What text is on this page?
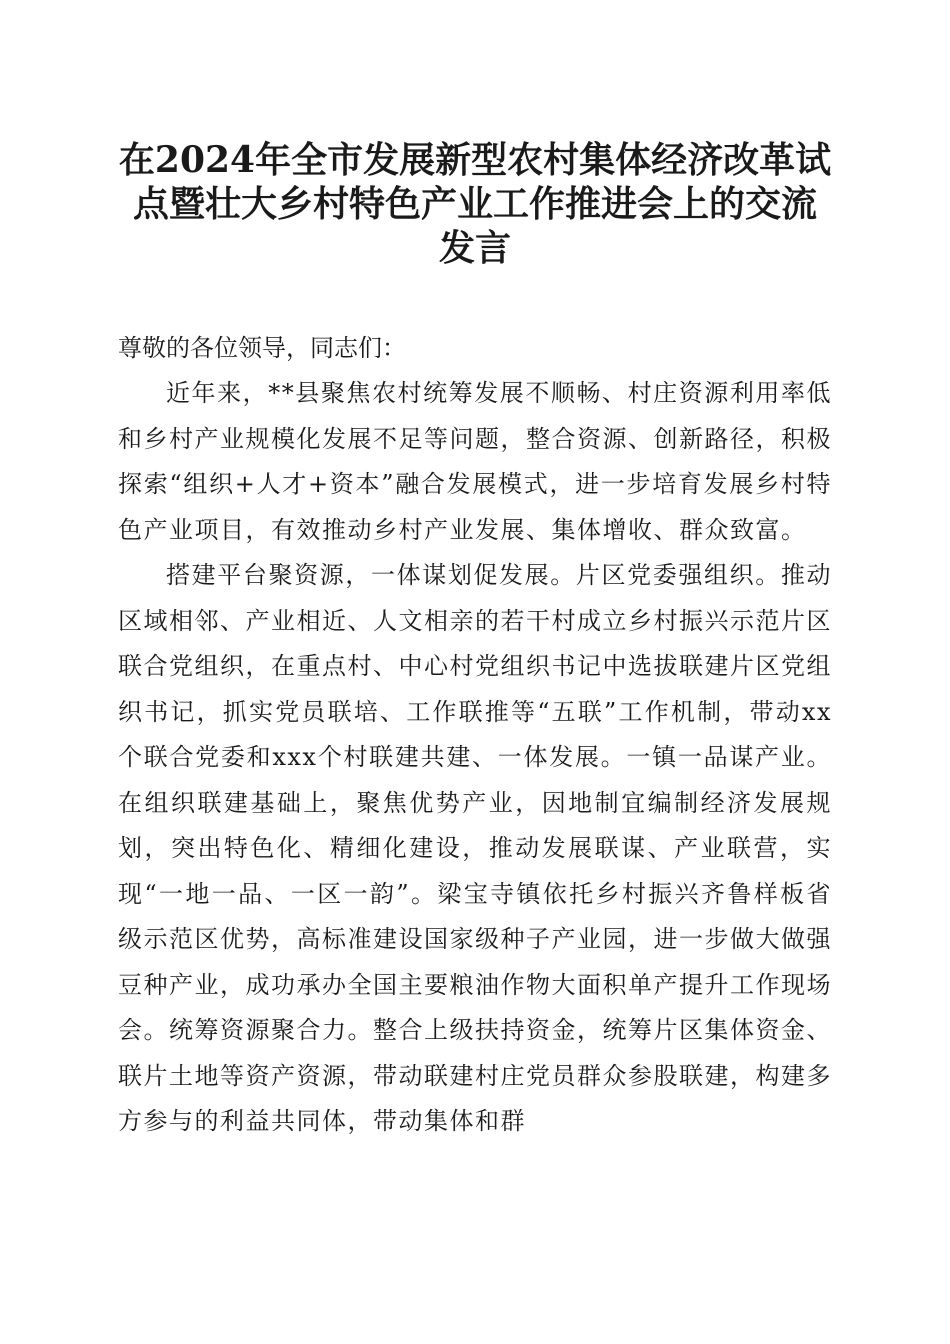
在2024年全市发展新型农村集体经济改革试点暨壮大乡村特色产业工作推进会上的交流发言

尊敬的各位领导，同志们：

近年来，**县聚焦农村统筹发展不顺畅、村庄资源利用率低和乡村产业规模化发展不足等问题，整合资源、创新路径，积极探索“组织+人才+资本”融合发展模式，进一步培育发展乡村特色产业项目，有效推动乡村产业发展、集体增收、群众致富。

搭建平台聚资源，一体谋划促发展。片区党委强组织。推动区域相邻、产业相近、人文相亲的若干村成立乡村振兴示范片区联合党组织，在重点村、中心村党组织书记中选拔联建片区党组织书记，抓实党员联培、工作联推等“五联”工作机制，带动xx个联合党委和xxx个村联建共建、一体发展。一镇一品谋产业。在组织联建基础上，聚焦优势产业，因地制宜编制经济发展规划，突出特色化、精细化建设，推动发展联谋、产业联营，实现“一地一品、一区一韵”。梁宝寺镇依托乡村振兴齐鲁样板省级示范区优势，高标准建设国家级种子产业园，进一步做大做强豆种产业，成功承办全国主要粮油作物大面积单产提升工作现场会。统筹资源聚合力。整合上级扶持资金，统筹片区集体资金、联片土地等资产资源，带动联建村庄党员群众参股联建，构建多方参与的利益共同体，带动集体和群
